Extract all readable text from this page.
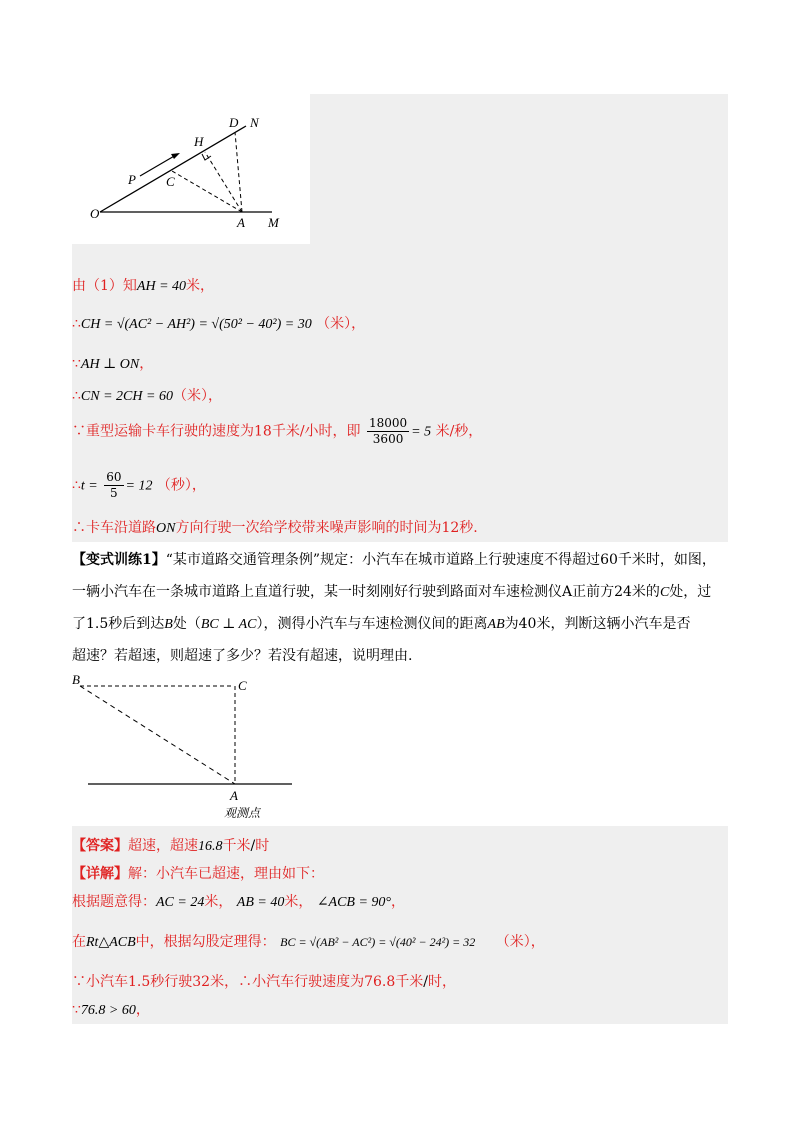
O
P C
H
D N
A M
由（1）知AH = 40米，
∴CH = √(AC² − AH²) = √(50² − 40²) = 30 （米），
∵AH ⊥ ON，
∴CN = 2CH = 60（米），
∵重型运输卡车行驶的速度为18千米/小时，即 $\frac{18000}{3600} = 5$ 米/秒，
∴t = $\frac{60}{5} = 12$ （秒），
∴卡车沿道路ON方向行驶一次给学校带来噪声影响的时间为12秒.
【变式训练1】“某市道路交通管理条例”规定：小汽车在城市道路上行驶速度不得超过60千米时，如图，
一辆小汽车在一条城市道路上直道行驶，某一时刻刚好行驶到路面对车速检测仪A正前方24米的C处，过
了1.5秒后到达B处（BC ⊥ AC），测得小汽车与车速检测仪间的距离AB为40米，判断这辆小汽车是否
超速？若超速，则超速了多少？若没有超速，说明理由.
B	C
A
观测点
【答案】超速，超速16.8千米/时
【详解】解：小汽车已超速，理由如下：
根据题意得：AC = 24米， AB = 40米， ∠ACB = 90°，
在Rt△ACB中，根据勾股定理得： BC = √(AB² − AC²) = √(40² − 24²) = 32 （米），
∵小汽车1.5秒行驶32米，∴小汽车行驶速度为76.8千米/时，
∵76.8 > 60，
